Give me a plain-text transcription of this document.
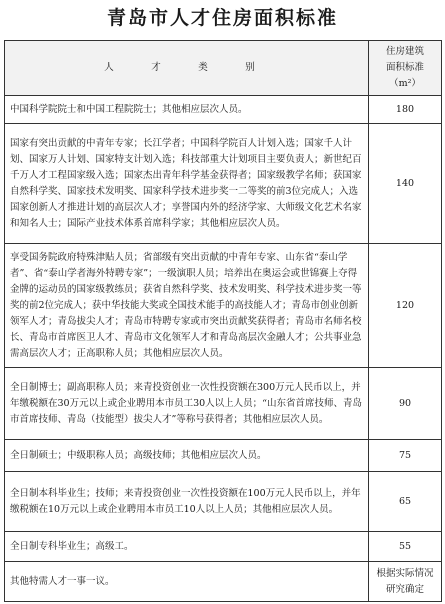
青岛市人才住房面积标准
人　才　类　别	住房建筑
面积标准（m²）

中国科学院院士和中国工程院院士；其他相应层次人员。	180
国家有突出贡献的中青年专家；长江学者；中国科学院百人计划入选；国家千人计划、国家万人计划、国家特支计划入选；科技部重大计划项目主要负责人；新世纪百千万人才工程国家级入选；国家杰出青年科学基金获得者；国家级教学名师；获国家自然科学奖、国家技术发明奖、国家科学技术进步奖一二等奖的前3位完成人；入选国家创新人才推进计划的高层次人才；享誉国内外的经济学家、大师级文化艺术名家和知名人士；国际产业技术体系首席科学家；其他相应层次人员。	140
享受国务院政府特殊津贴人员；省部级有突出贡献的中青年专家、山东省“泰山学者”、省“泰山学者海外特聘专家”；一级演职人员；培养出在奥运会或世锦赛上夺得金牌的运动员的国家级教练员；获省自然科学奖、技术发明奖、科学技术进步奖一等奖的前2位完成人；获中华技能大奖或全国技术能手的高技能人才；青岛市创业创新领军人才；青岛拔尖人才；青岛市特聘专家或市突出贡献奖获得者；青岛市名师名校长、青岛市首席医卫人才、青岛市文化领军人才和青岛高层次金融人才；公共事业急需高层次人才；正高职称人员；其他相应层次人员。	120
全日制博士；副高职称人员；来青投资创业一次性投资额在300万元人民币以上，并年缴税额在30万元以上或企业聘用本市员工30人以上人员；“山东省首席技师、青岛市首席技师、青岛（技能型）拔尖人才”等称号获得者；其他相应层次人员。	90
全日制硕士；中级职称人员；高级技师；其他相应层次人员。	75
全日制本科毕业生；技师；来青投资创业一次性投资额在100万元人民币以上，并年缴税额在10万元以上或企业聘用本市员工10人以上人员；其他相应层次人员。	65
全日制专科毕业生；高级工。	55
其他特需人才一事一议。	根据实际情况研究确定
